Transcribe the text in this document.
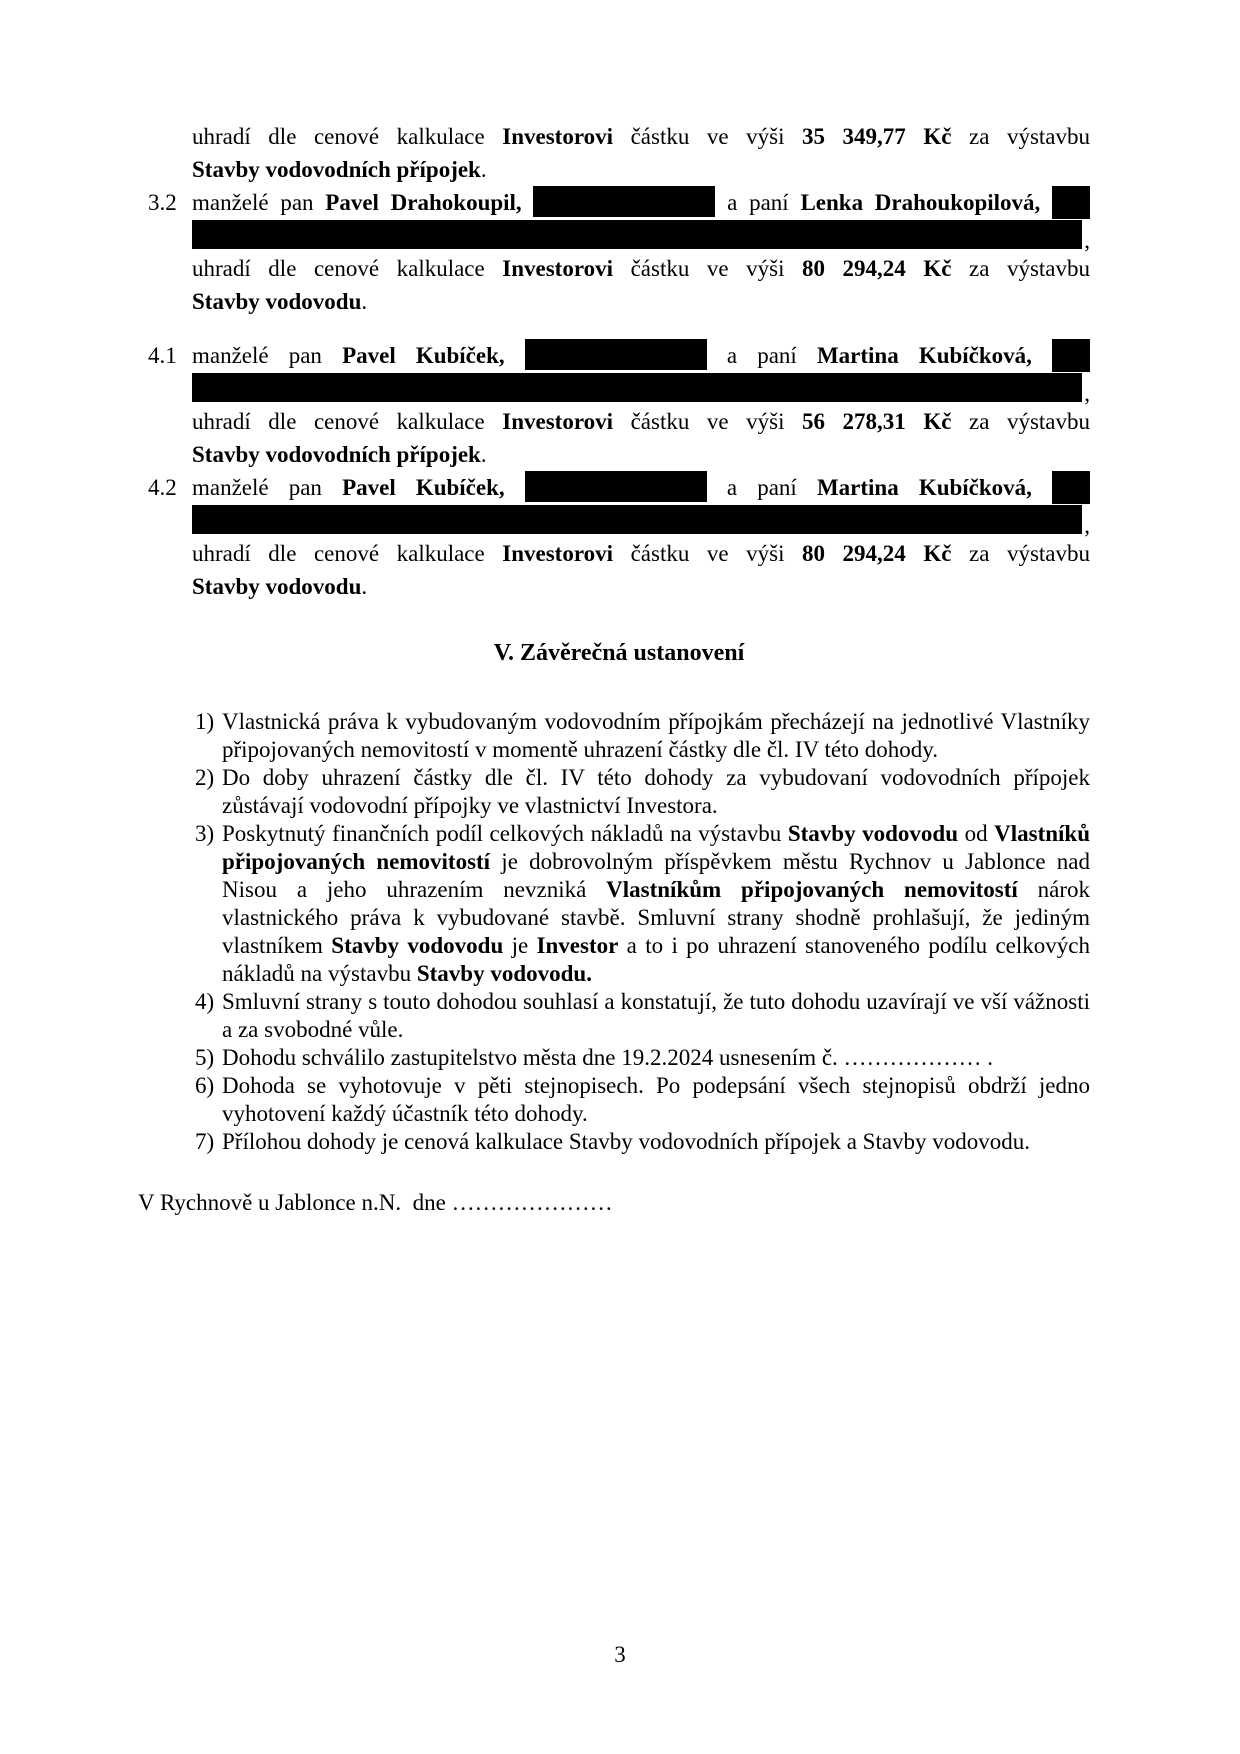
uhradí dle cenové kalkulace Investorovi částku ve výši 35 349,77 Kč za výstavbu
Stavby vodovodních přípojek.
3.2 manželé pan Pavel Drahokoupil,	a paní Lenka Drahoukopilová,
,
uhradí dle cenové kalkulace Investorovi částku ve výši 80 294,24 Kč za výstavbu
Stavby vodovodu.
4.1 manželé pan Pavel Kubíček,	a paní Martina Kubíčková,
,
uhradí dle cenové kalkulace Investorovi částku ve výši 56 278,31 Kč za výstavbu
Stavby vodovodních přípojek.
4.2 manželé pan Pavel Kubíček,	a paní Martina Kubíčková,
,
uhradí dle cenové kalkulace Investorovi částku ve výši 80 294,24 Kč za výstavbu
Stavby vodovodu.
V. Závěrečná ustanovení
1) Vlastnická práva k vybudovaným vodovodním přípojkám přecházejí na jednotlivé Vlastníky připojovaných nemovitostí v momentě uhrazení částky dle čl. IV této dohody.
2) Do doby uhrazení částky dle čl. IV této dohody za vybudovaní vodovodních přípojek zůstávají vodovodní přípojky ve vlastnictví Investora.
3) Poskytnutý finančních podíl celkových nákladů na výstavbu Stavby vodovodu od Vlastníků připojovaných nemovitostí je dobrovolným příspěvkem městu Rychnov u Jablonce nad Nisou a jeho uhrazením nevzniká Vlastníkům připojovaných nemovitostí nárok vlastnického práva k vybudované stavbě. Smluvní strany shodně prohlašují, že jediným vlastníkem Stavby vodovodu je Investor a to i po uhrazení stanoveného podílu celkových nákladů na výstavbu Stavby vodovodu.
4) Smluvní strany s touto dohodou souhlasí a konstatují, že tuto dohodu uzavírají ve vší vážnosti a za svobodné vůle.
5) Dohodu schválilo zastupitelstvo města dne 19.2.2024 usnesením č. ……………… .
6) Dohoda se vyhotovuje v pěti stejnopisech. Po podepsání všech stejnopisů obdrží jedno vyhotovení každý účastník této dohody.
7) Přílohou dohody je cenová kalkulace Stavby vodovodních přípojek a Stavby vodovodu.
V Rychnově u Jablonce n.N.  dne …………………
3
